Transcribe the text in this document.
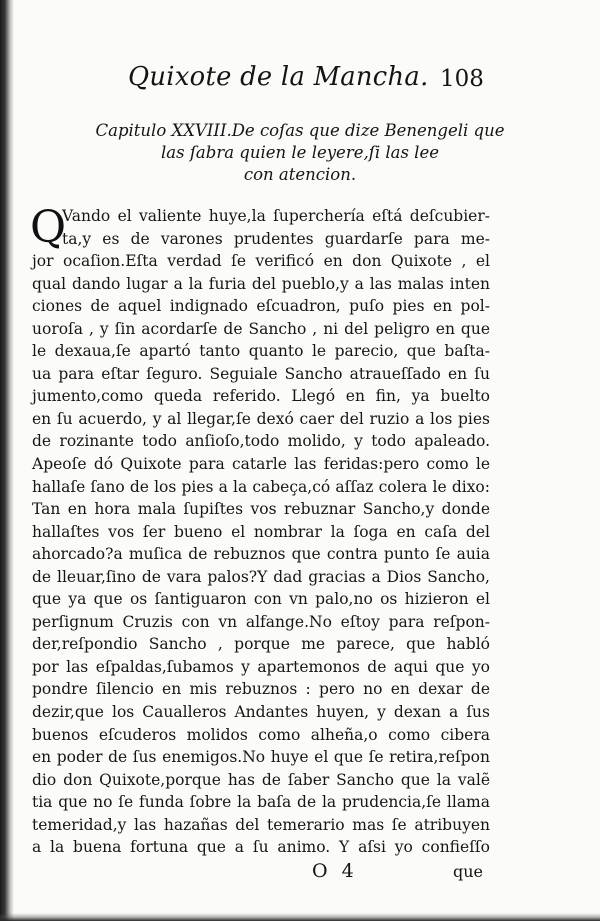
Quixote de la Mancha. 108
Capitulo XXVIII.De coſas que dize Benengeli que
las ſabra quien le leyere,ſi las lee
con atencion.
Q
Vando el valiente huye,la ſuperchería eſtá deſcubier-
ta,y es de varones prudentes guardarſe para me-
jor ocaſion.Eſta verdad ſe verificó en don Quixote , el
qual dando lugar a la furia del pueblo,y a las malas inten
ciones de aquel indignado eſcuadron, puſo pies en pol-
uoroſa , y ſin acordarſe de Sancho , ni del peligro en que
le dexaua,ſe apartó tanto quanto le parecio, que baſta-
ua para eſtar ſeguro. Seguiale Sancho atraueſſado en ſu
jumento,como queda referido. Llegó en fin, ya buelto
en ſu acuerdo, y al llegar,ſe dexó caer del ruzio a los pies
de rozinante todo anſioſo,todo molido, y todo apaleado.
Apeoſe dó Quixote para catarle las feridas:pero como le
hallaſe ſano de los pies a la cabeça,có aſſaz colera le dixo:
Tan en hora mala ſupiſtes vos rebuznar Sancho,y donde
hallaſtes vos ſer bueno el nombrar la ſoga en caſa del
ahorcado?a muſica de rebuznos que contra punto ſe auia
de lleuar,ſino de vara palos?Y dad gracias a Dios Sancho,
que ya que os ſantiguaron con vn palo,no os hizieron el
perſignum Cruzis con vn alfange.No eſtoy para reſpon-
der,reſpondio Sancho , porque me parece, que habló
por las eſpaldas,ſubamos y apartemonos de aqui que yo
pondre ſilencio en mis rebuznos : pero no en dexar de
dezir,que los Caualleros Andantes huyen, y dexan a ſus
buenos eſcuderos molidos como alheña,o como cibera
en poder de ſus enemigos.No huye el que ſe retira,reſpon
dio don Quixote,porque has de ſaber Sancho que la valẽ
tia que no ſe funda ſobre la baſa de la prudencia,ſe llama
temeridad,y las hazañas del temerario mas ſe atribuyen
a la buena fortuna que a ſu animo. Y aſsi yo confieſſo
O 4	que
